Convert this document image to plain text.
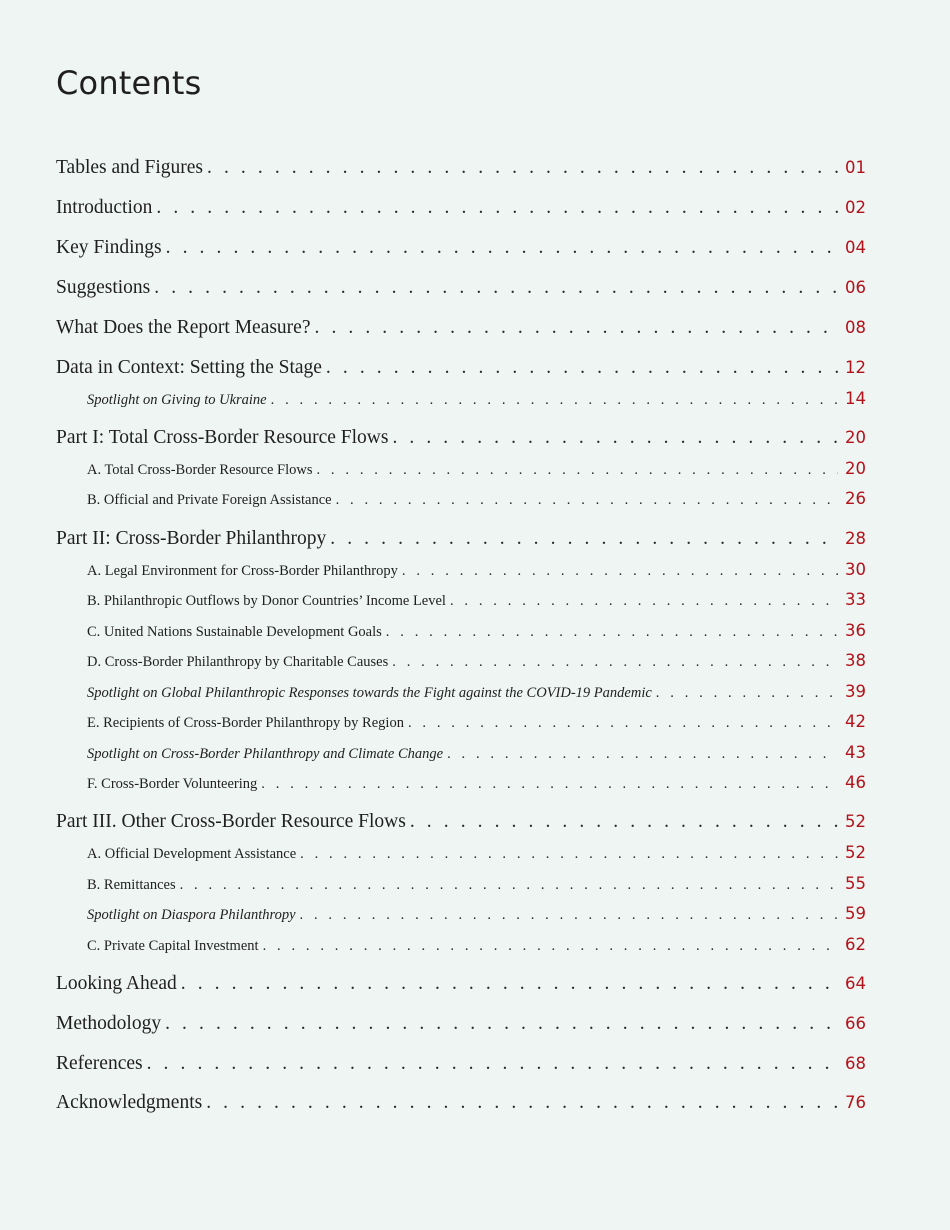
Contents
Tables and Figures . . .	01
Introduction . . .	02
Key Findings . . .	04
Suggestions . . .	06
What Does the Report Measure? . . .	08
Data in Context: Setting the Stage . . .	12
Spotlight on Giving to Ukraine . . .	14
Part I: Total Cross-Border Resource Flows . . .	20
A. Total Cross-Border Resource Flows . . .	20
B. Official and Private Foreign Assistance . . .	26
Part II: Cross-Border Philanthropy . . .	28
A. Legal Environment for Cross-Border Philanthropy . . .	30
B. Philanthropic Outflows by Donor Countries’ Income Level . . .	33
C. United Nations Sustainable Development Goals . . .	36
D. Cross-Border Philanthropy by Charitable Causes . . .	38
Spotlight on Global Philanthropic Responses towards the Fight against the COVID-19 Pandemic . . .	39
E. Recipients of Cross-Border Philanthropy by Region . . .	42
Spotlight on Cross-Border Philanthropy and Climate Change . . .	43
F. Cross-Border Volunteering . . .	46
Part III. Other Cross-Border Resource Flows . . .	52
A. Official Development Assistance . . .	52
B. Remittances . . .	55
Spotlight on Diaspora Philanthropy . . .	59
C. Private Capital Investment . . .	62
Looking Ahead . . .	64
Methodology . . .	66
References . . .	68
Acknowledgments . . .	76
